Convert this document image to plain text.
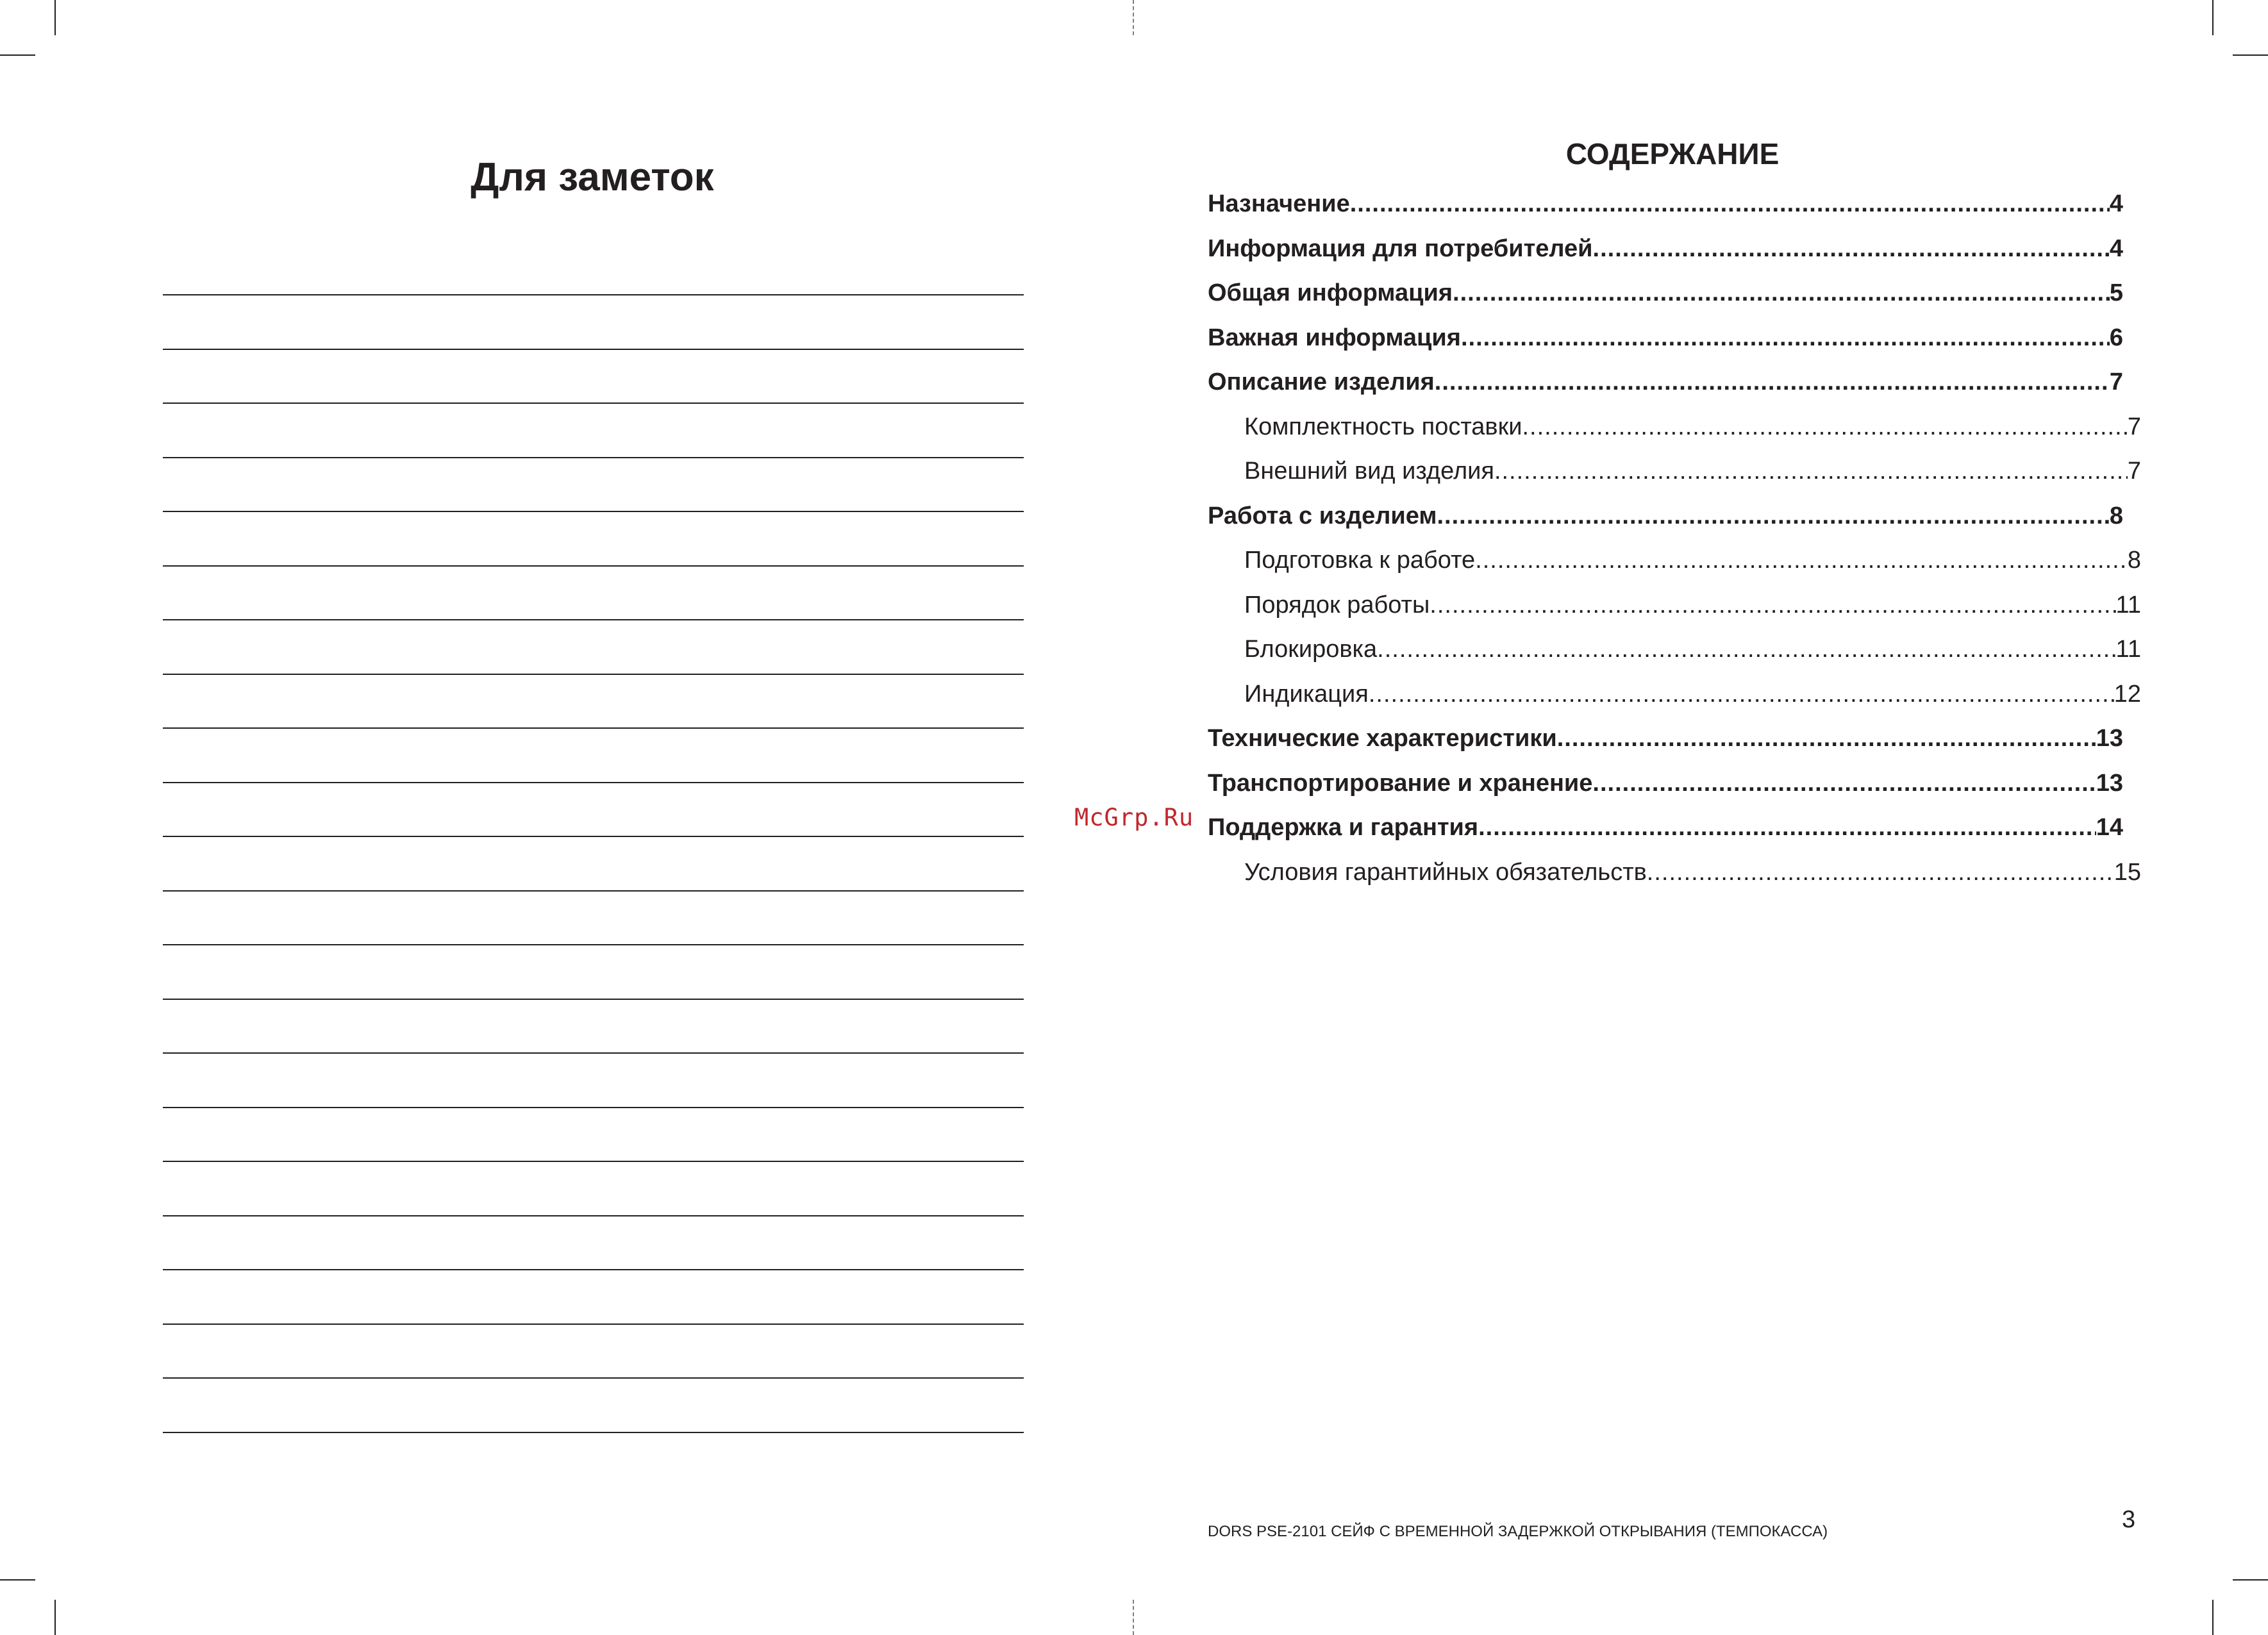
Для заметок
СОДЕРЖАНИЕ
Назначение .....	4
Информация для потребителей .....	4
Общая информация .....	5
Важная информация .....	6
Описание изделия .....	7
Комплектность поставки .....	7
Внешний вид изделия .....	7
Работа с изделием .....	8
Подготовка к работе .....	8
Порядок работы .....	11
Блокировка .....	11
Индикация .....	12
Технические характеристики .....	13
Транспортирование и хранение .....	13
Поддержка и гарантия .....	14
Условия гарантийных обязательств .....	15
McGrp.Ru
DORS PSE-2101 СЕЙФ С ВРЕМЕННОЙ ЗАДЕРЖКОЙ ОТКРЫВАНИЯ (ТЕМПОКАССА)	3
